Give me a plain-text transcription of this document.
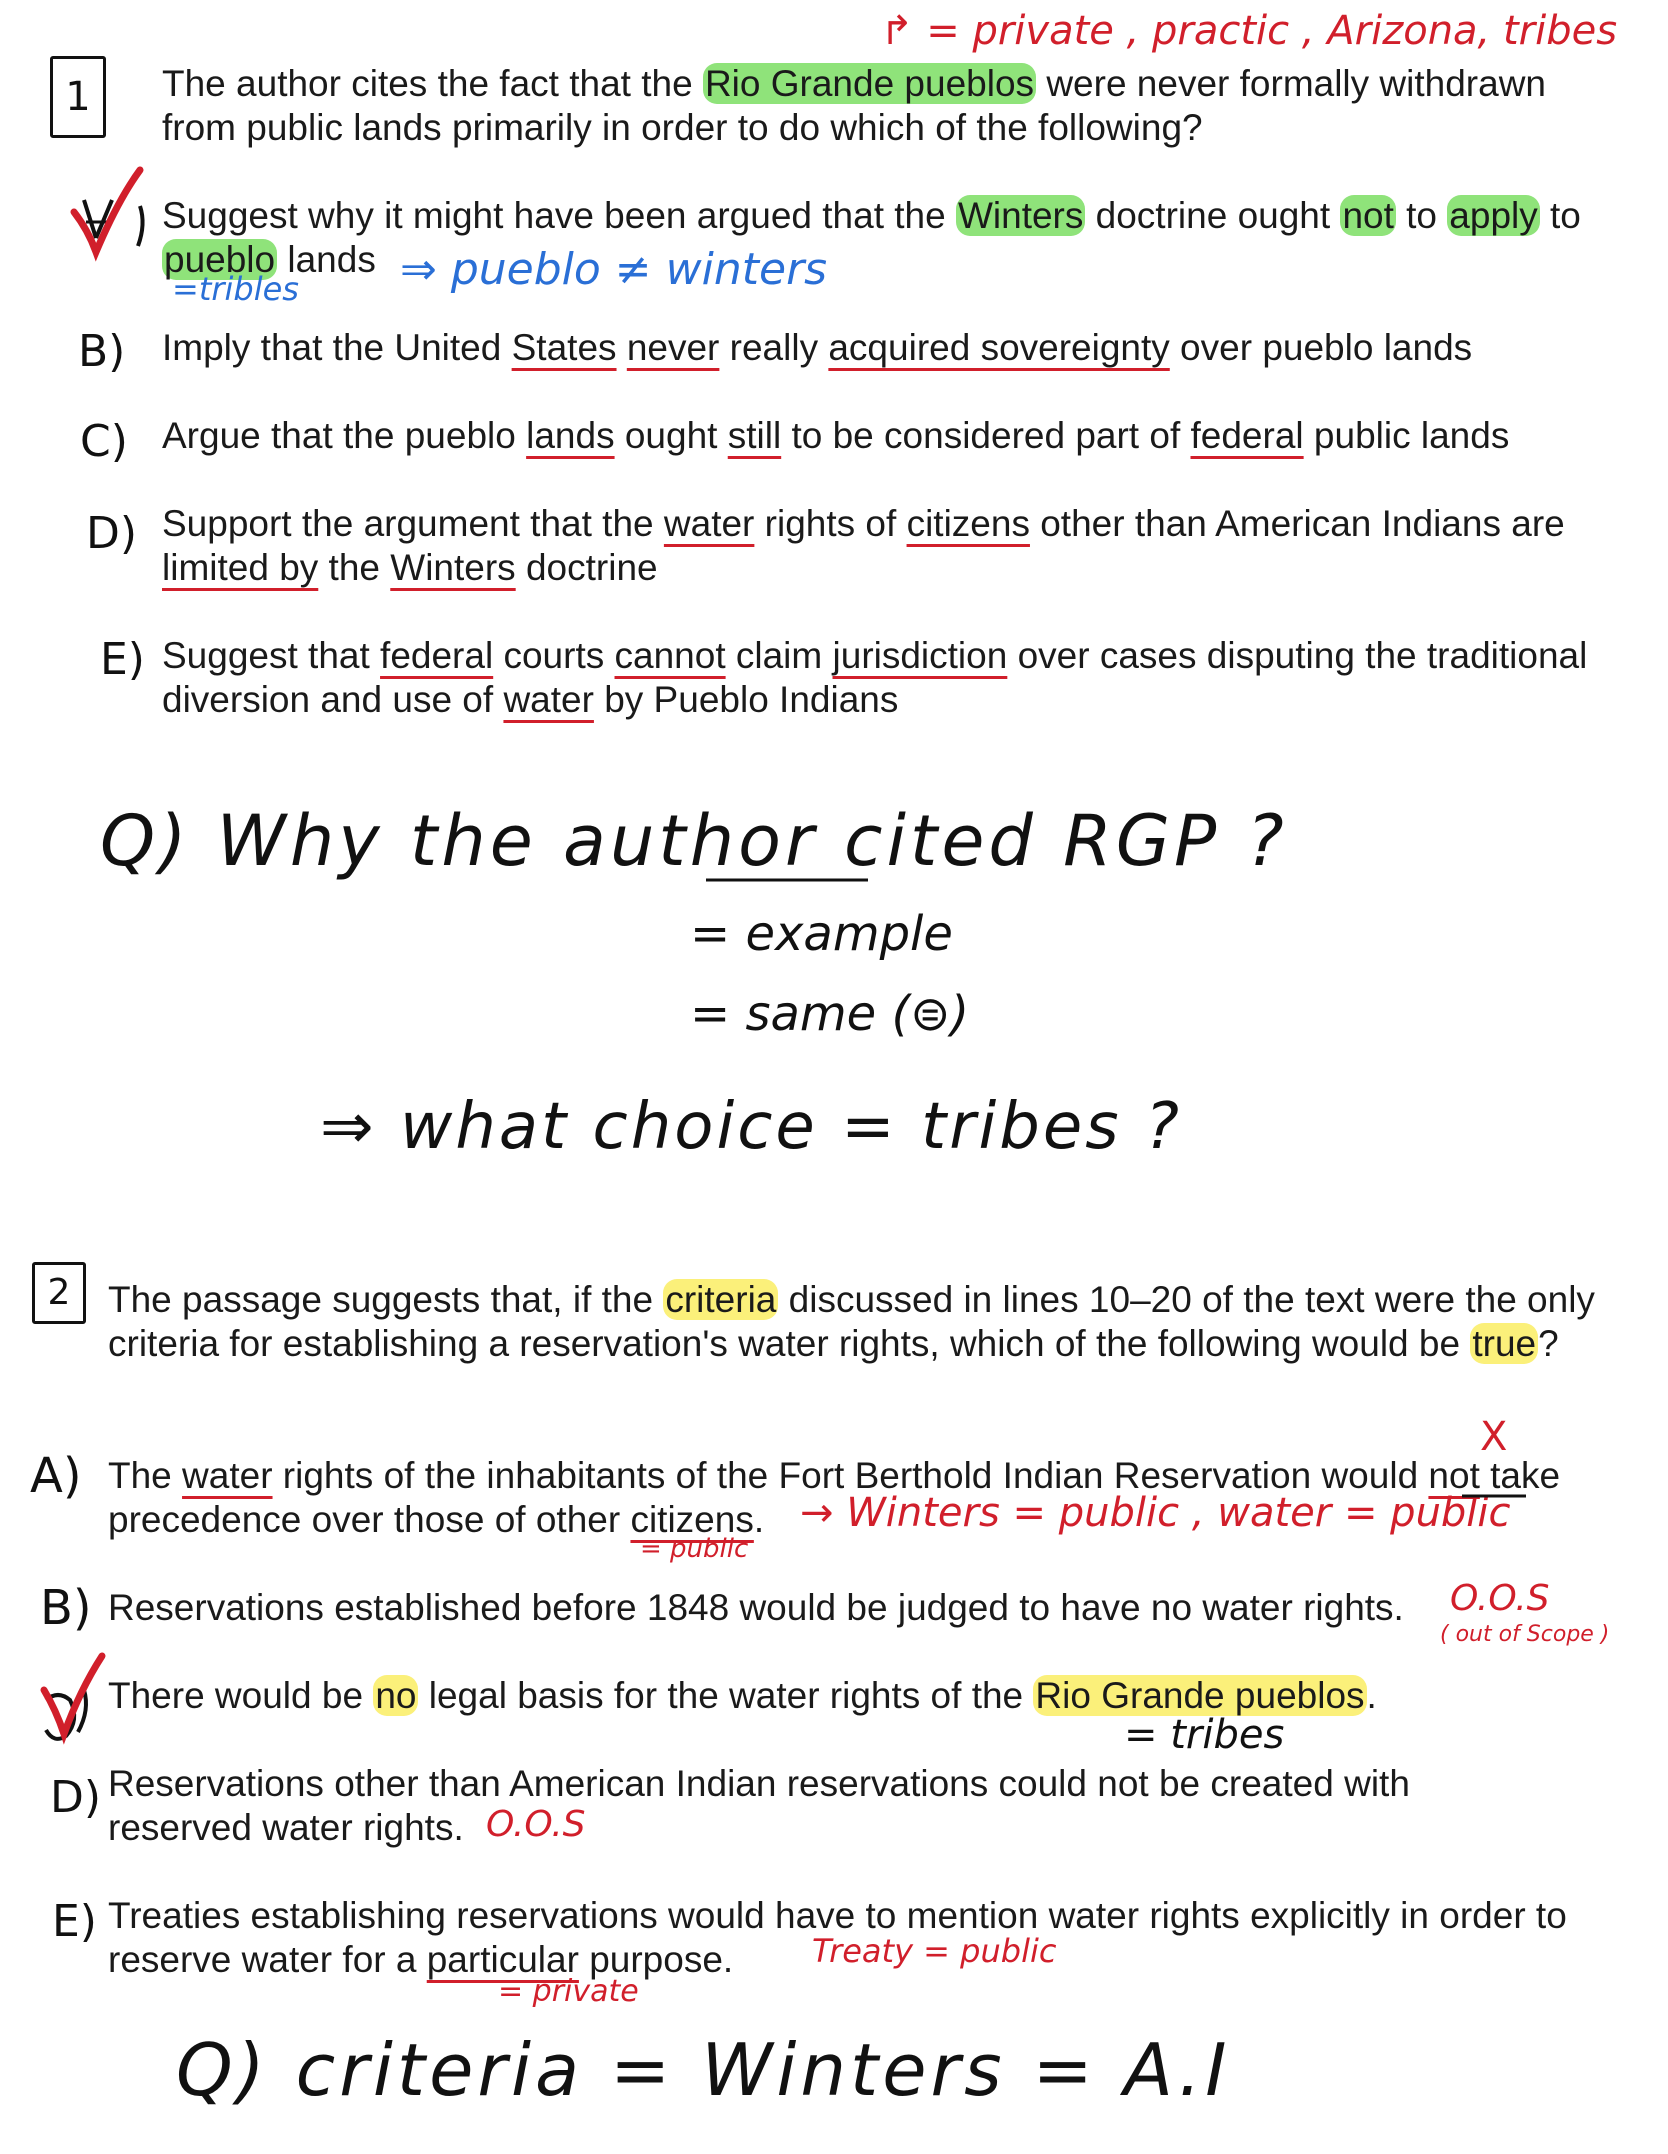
↱ = private , practic , Arizona, tribes
1	The author cites the fact that the Rio Grande pueblos were never formally withdrawn from public lands primarily in order to do which of the following?

Suggest why it might have been argued that the Winters doctrine ought not to apply to pueblo lands

=tribles ⇒ pueblo ≠ winters
B) Imply that the United States never really acquired sovereignty over pueblo lands

C) Argue that the pueblo lands ought still to be considered part of federal public lands

D) Support the argument that the water rights of citizens other than American Indians are limited by the Winters doctrine

E) Suggest that federal courts cannot claim jurisdiction over cases disputing the traditional diversion and use of water by Pueblo Indians

Q) Why the author cited RGP ?
= example
= same (⊜)
⇒ what choice = tribes ?
2	The passage suggests that, if the criteria discussed in lines 10–20 of the text were the only criteria for establishing a reservation's water rights, which of the following would be true?

X
A) The water rights of the inhabitants of the Fort Berthold Indian Reservation would not take precedence over those of other citizens. → Winters = public , water = public
= public
B) Reservations established before 1848 would be judged to have no water rights.	O.O.S
( out of Scope )

There would be no legal basis for the water rights of the Rio Grande pueblos.

= tribes
D) Reservations other than American Indian reservations could not be created with reserved water rights. O.O.S
E) Treaties establishing reservations would have to mention water rights explicitly in order to reserve water for a particular purpose.	Treaty = public
= private
Q) criteria = Winters = A.I
